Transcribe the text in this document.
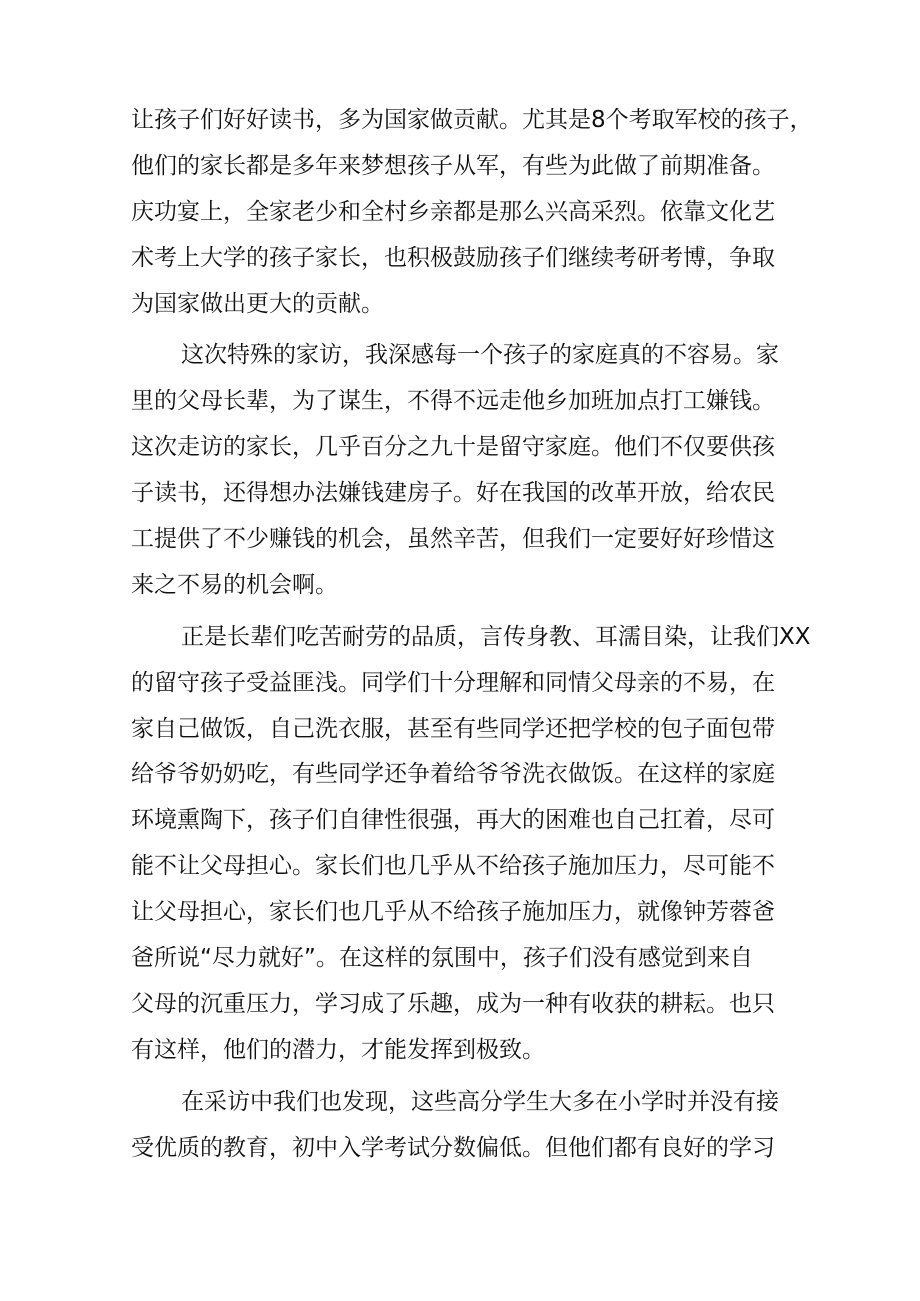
让孩子们好好读书，多为国家做贡献。尤其是8个考取军校的孩子，
他们的家长都是多年来梦想孩子从军，有些为此做了前期准备。
庆功宴上，全家老少和全村乡亲都是那么兴高采烈。依靠文化艺
术考上大学的孩子家长，也积极鼓励孩子们继续考研考博，争取
为国家做出更大的贡献。
这次特殊的家访，我深感每一个孩子的家庭真的不容易。家
里的父母长辈，为了谋生，不得不远走他乡加班加点打工嫌钱。
这次走访的家长，几乎百分之九十是留守家庭。他们不仅要供孩
子读书，还得想办法嫌钱建房子。好在我国的改革开放，给农民
工提供了不少赚钱的机会，虽然辛苦，但我们一定要好好珍惜这
来之不易的机会啊。
正是长辈们吃苦耐劳的品质，言传身教、耳濡目染，让我们XX
的留守孩子受益匪浅。同学们十分理解和同情父母亲的不易，在
家自己做饭，自己洗衣服，甚至有些同学还把学校的包子面包带
给爷爷奶奶吃，有些同学还争着给爷爷洗衣做饭。在这样的家庭
环境熏陶下，孩子们自律性很强，再大的困难也自己扛着，尽可
能不让父母担心。家长们也几乎从不给孩子施加压力，尽可能不
让父母担心，家长们也几乎从不给孩子施加压力，就像钟芳蓉爸
爸所说“尽力就好”。在这样的氛围中，孩子们没有感觉到来自
父母的沉重压力，学习成了乐趣，成为一种有收获的耕耘。也只
有这样，他们的潜力，才能发挥到极致。
在采访中我们也发现，这些高分学生大多在小学时并没有接
受优质的教育，初中入学考试分数偏低。但他们都有良好的学习
